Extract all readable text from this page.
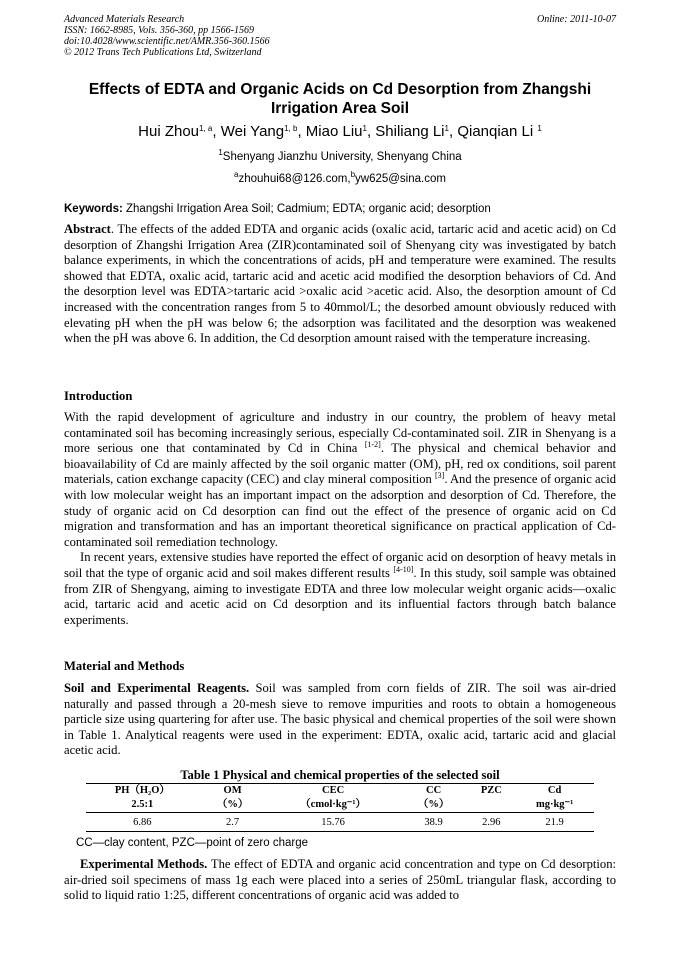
Advanced Materials Research
ISSN: 1662-8985, Vols. 356-360, pp 1566-1569
doi:10.4028/www.scientific.net/AMR.356-360.1566
© 2012 Trans Tech Publications Ltd, Switzerland
Online: 2011-10-07
Effects of EDTA and Organic Acids on Cd Desorption from Zhangshi Irrigation Area Soil
Hui Zhou$^{1, a}$, Wei Yang$^{1, b}$, Miao Liu$^1$, Shiliang Li$^1$, Qianqian Li $^1$
$^1$Shenyang Jianzhu University, Shenyang China
$^a$zhouhui68@126.com,$^b$yw625@sina.com
Keywords: Zhangshi Irrigation Area Soil; Cadmium; EDTA; organic acid; desorption
Abstract. The effects of the added EDTA and organic acids (oxalic acid, tartaric acid and acetic acid) on Cd desorption of Zhangshi Irrigation Area (ZIR)contaminated soil of Shenyang city was investigated by batch balance experiments, in which the concentrations of acids, pH and temperature were examined. The results showed that EDTA, oxalic acid, tartaric acid and acetic acid modified the desorption behaviors of Cd. And the desorption level was EDTA>tartaric acid >oxalic acid >acetic acid. Also, the desorption amount of Cd increased with the concentration ranges from 5 to 40mmol/L; the desorbed amount obviously reduced with elevating pH when the pH was below 6; the adsorption was facilitated and the desorption was weakened when the pH was above 6. In addition, the Cd desorption amount raised with the temperature increasing.
Introduction
With the rapid development of agriculture and industry in our country, the problem of heavy metal contaminated soil has becoming increasingly serious, especially Cd-contaminated soil. ZIR in Shenyang is a more serious one that contaminated by Cd in China [1-2]. The physical and chemical behavior and bioavailability of Cd are mainly affected by the soil organic matter (OM), pH, red ox conditions, soil parent materials, cation exchange capacity (CEC) and clay mineral composition [3]. And the presence of organic acid with low molecular weight has an important impact on the adsorption and desorption of Cd. Therefore, the study of organic acid on Cd desorption can find out the effect of the presence of organic acid on Cd migration and transformation and has an important theoretical significance on practical application of Cd-contaminated soil remediation technology.
In recent years, extensive studies have reported the effect of organic acid on desorption of heavy metals in soil that the type of organic acid and soil makes different results [4-10]. In this study, soil sample was obtained from ZIR of Shengyang, aiming to investigate EDTA and three low molecular weight organic acids—oxalic acid, tartaric acid and acetic acid on Cd desorption and its influential factors through batch balance experiments.
Material and Methods
Soil and Experimental Reagents. Soil was sampled from corn fields of ZIR. The soil was air-dried naturally and passed through a 20-mesh sieve to remove impurities and roots to obtain a homogeneous particle size using quartering for after use. The basic physical and chemical properties of the soil were shown in Table 1. Analytical reagents were used in the experiment: EDTA, oxalic acid, tartaric acid and glacial acetic acid.
Table 1 Physical and chemical properties of the selected soil
PH（H₂O）	OM	CEC	CC	PZC	Cd
2.5:1	（%）	（cmol·kg⁻¹）	（%）		mg·kg⁻¹
6.86	2.7	15.76	38.9	2.96	21.9
CC—clay content, PZC—point of zero charge
Experimental Methods. The effect of EDTA and organic acid concentration and type on Cd desorption: air-dried soil specimens of mass 1g each were placed into a series of 250mL triangular flask, according to solid to liquid ratio 1:25, different concentrations of organic acid was added to
